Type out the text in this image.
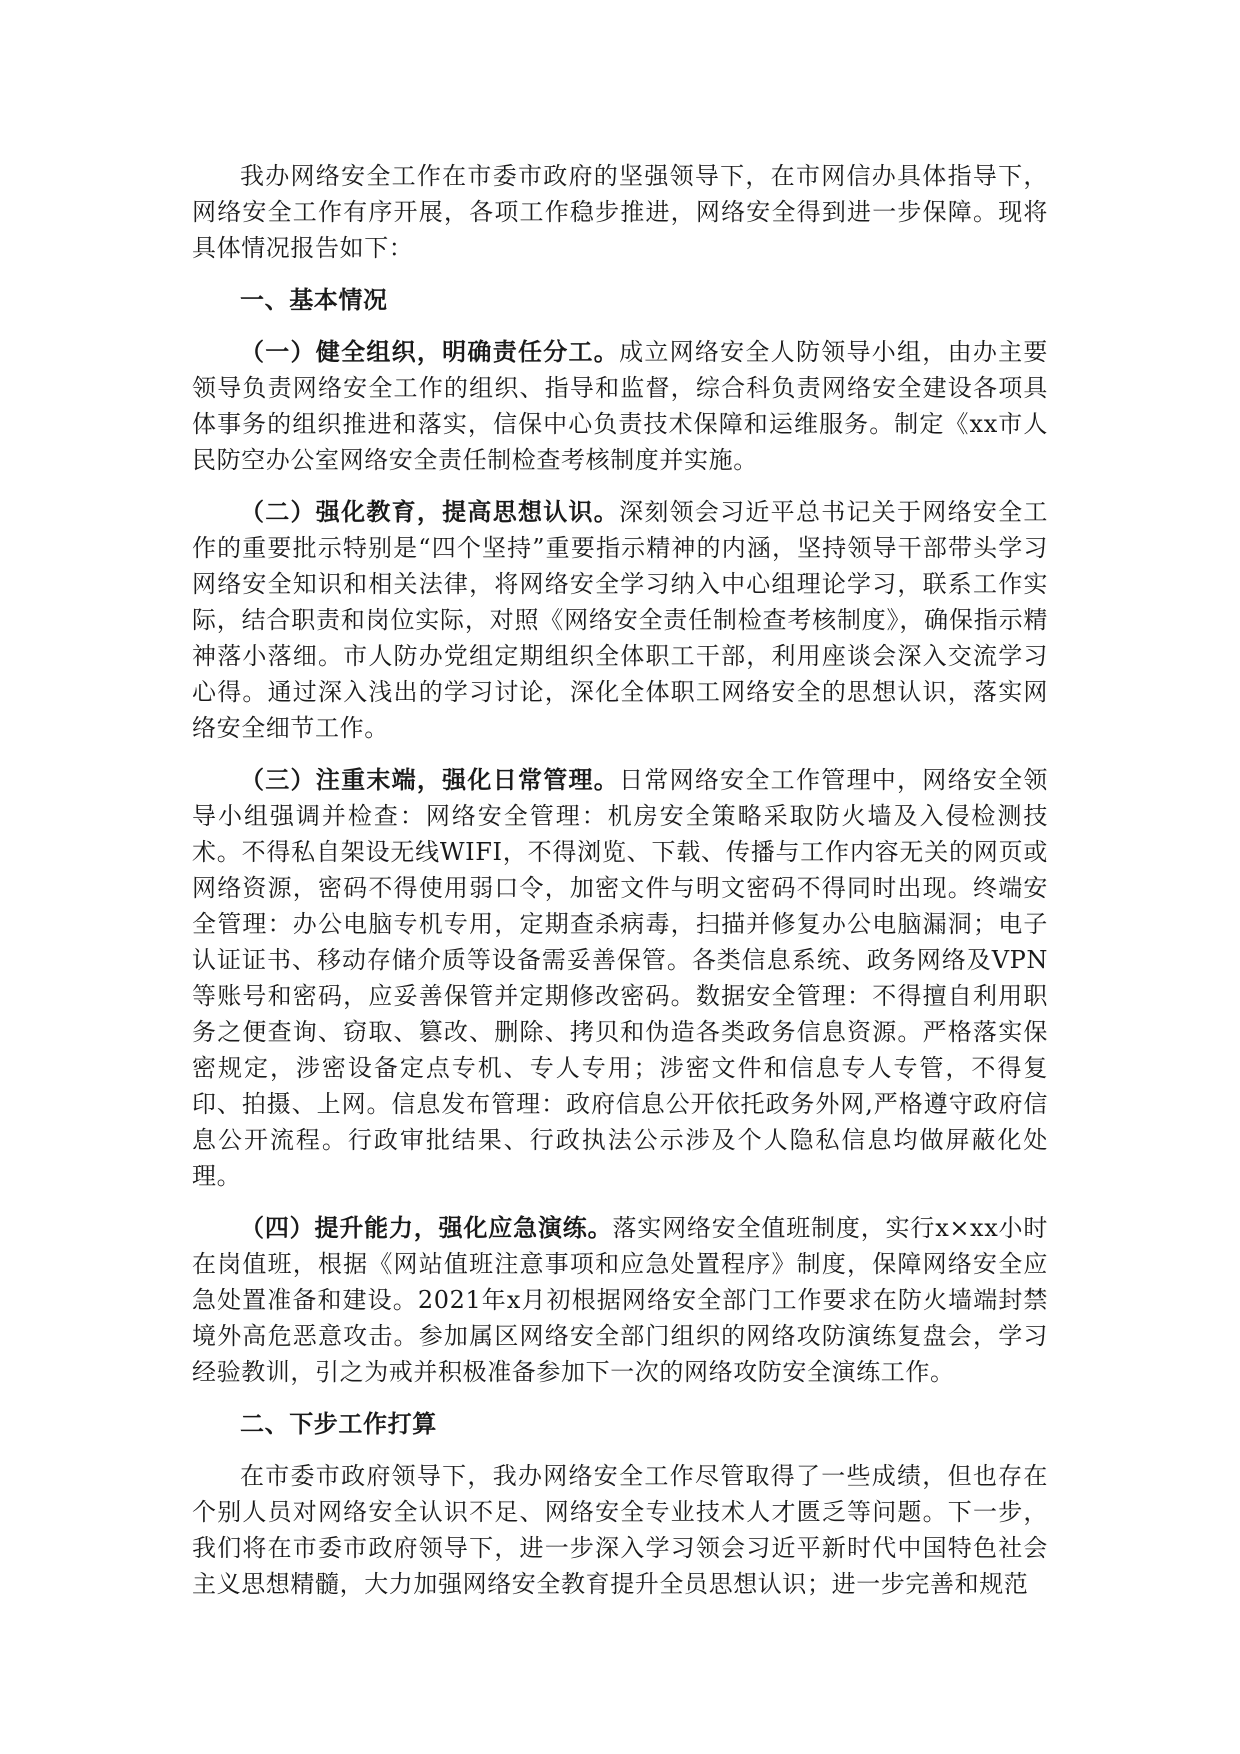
我办网络安全工作在市委市政府的坚强领导下，在市网信办具体指导下，网络安全工作有序开展，各项工作稳步推进，网络安全得到进一步保障。现将具体情况报告如下：

一、基本情况

（一）健全组织，明确责任分工。成立网络安全人防领导小组，由办主要领导负责网络安全工作的组织、指导和监督，综合科负责网络安全建设各项具体事务的组织推进和落实，信保中心负责技术保障和运维服务。制定《xx市人民防空办公室网络安全责任制检查考核制度并实施。

（二）强化教育，提高思想认识。深刻领会习近平总书记关于网络安全工作的重要批示特别是“四个坚持”重要指示精神的内涵，坚持领导干部带头学习网络安全知识和相关法律，将网络安全学习纳入中心组理论学习，联系工作实际，结合职责和岗位实际，对照《网络安全责任制检查考核制度》，确保指示精神落小落细。市人防办党组定期组织全体职工干部，利用座谈会深入交流学习心得。通过深入浅出的学习讨论，深化全体职工网络安全的思想认识，落实网络安全细节工作。

（三）注重末端，强化日常管理。日常网络安全工作管理中，网络安全领导小组强调并检查：网络安全管理：机房安全策略采取防火墙及入侵检测技术。不得私自架设无线WIFI，不得浏览、下载、传播与工作内容无关的网页或网络资源，密码不得使用弱口令，加密文件与明文密码不得同时出现。终端安全管理：办公电脑专机专用，定期查杀病毒，扫描并修复办公电脑漏洞；电子认证证书、移动存储介质等设备需妥善保管。各类信息系统、政务网络及VPN等账号和密码，应妥善保管并定期修改密码。数据安全管理：不得擅自利用职务之便查询、窃取、篡改、删除、拷贝和伪造各类政务信息资源。严格落实保密规定，涉密设备定点专机、专人专用；涉密文件和信息专人专管，不得复印、拍摄、上网。信息发布管理：政府信息公开依托政务外网,严格遵守政府信息公开流程。行政审批结果、行政执法公示涉及个人隐私信息均做屏蔽化处理。

（四）提升能力，强化应急演练。落实网络安全值班制度，实行x×xx小时在岗值班，根据《网站值班注意事项和应急处置程序》制度，保障网络安全应急处置准备和建设。2021年x月初根据网络安全部门工作要求在防火墙端封禁境外高危恶意攻击。参加属区网络安全部门组织的网络攻防演练复盘会，学习经验教训，引之为戒并积极准备参加下一次的网络攻防安全演练工作。

二、下步工作打算

在市委市政府领导下，我办网络安全工作尽管取得了一些成绩，但也存在个别人员对网络安全认识不足、网络安全专业技术人才匮乏等问题。下一步，我们将在市委市政府领导下，进一步深入学习领会习近平新时代中国特色社会主义思想精髓，大力加强网络安全教育提升全员思想认识；进一步完善和规范
